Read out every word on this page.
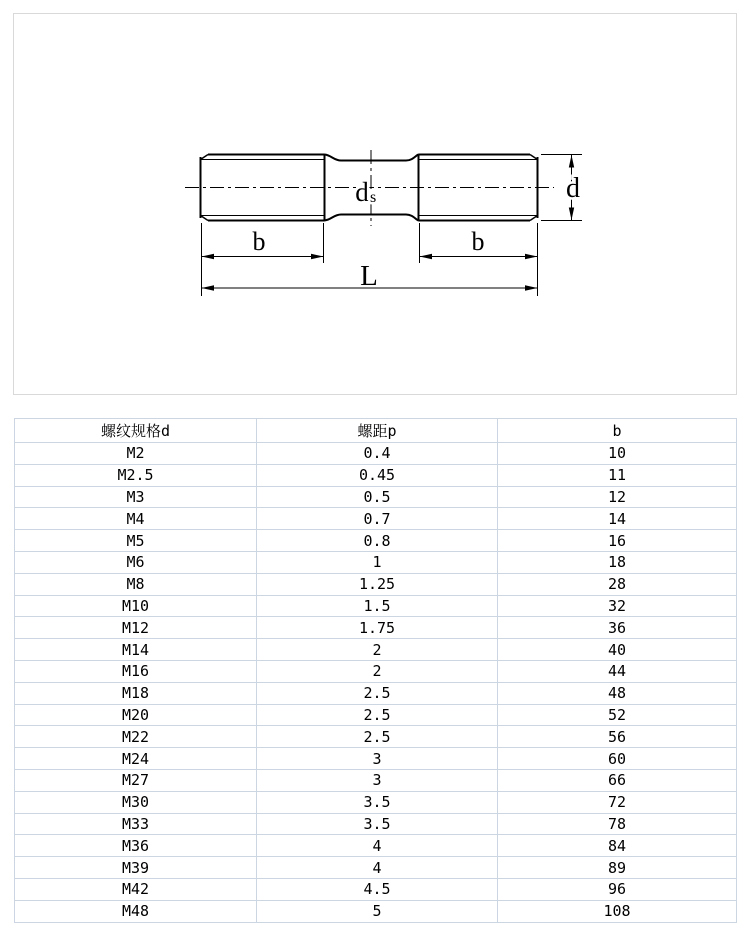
d s	d
b	b
L
螺纹规格d	螺距p	b
M2	0.4	10
M2.5	0.45	11
M3	0.5	12
M4	0.7	14
M5	0.8	16
M6	1	18
M8	1.25	28
M10	1.5	32
M12	1.75	36
M14	2	40
M16	2	44
M18	2.5	48
M20	2.5	52
M22	2.5	56
M24	3	60
M27	3	66
M30	3.5	72
M33	3.5	78
M36	4	84
M39	4	89
M42	4.5	96
M48	5	108
